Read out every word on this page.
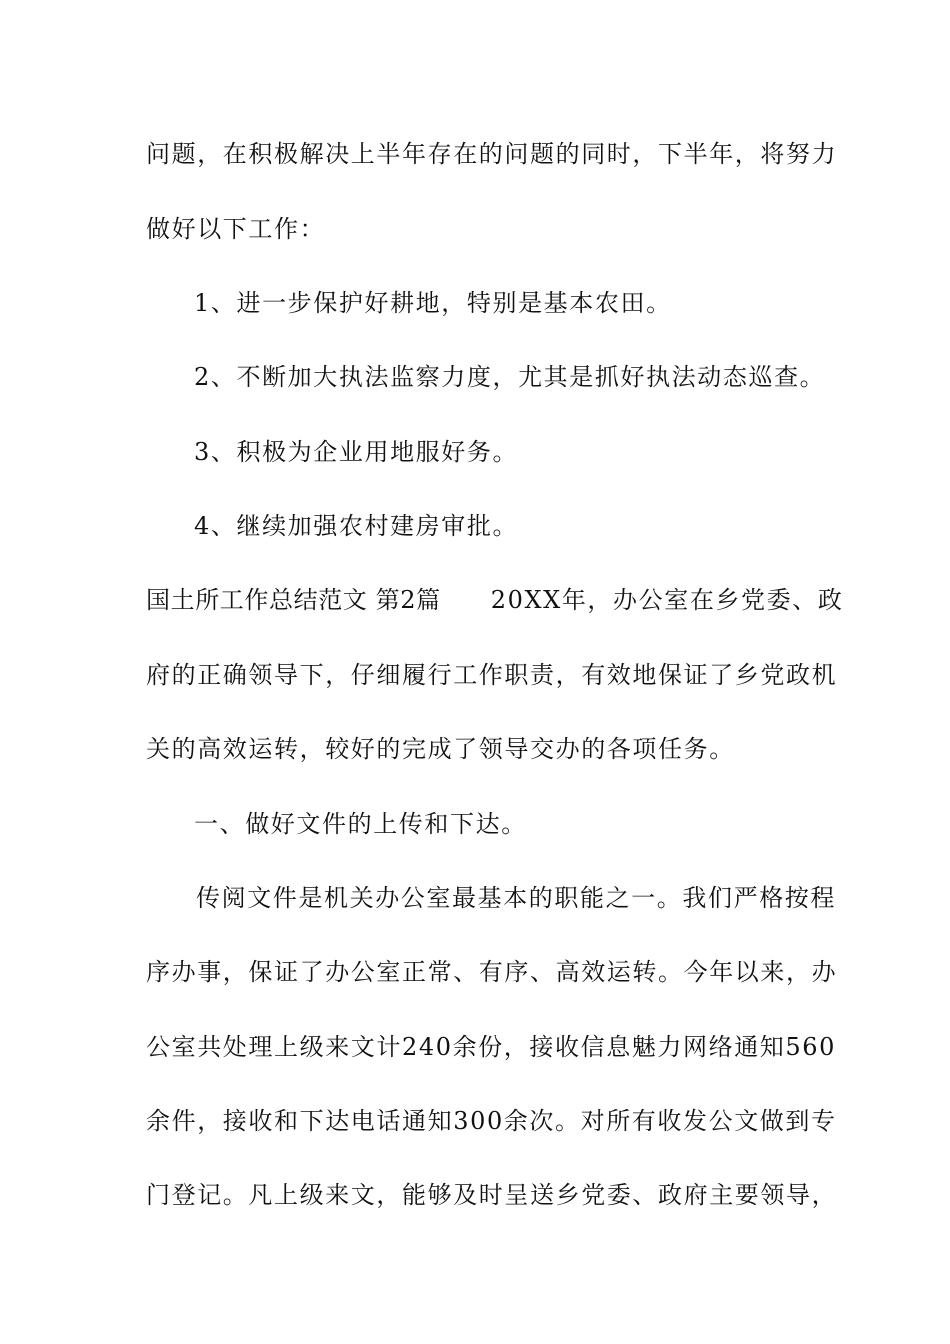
问题，在积极解决上半年存在的问题的同时，下半年，将努力
做好以下工作：
1、进一步保护好耕地，特别是基本农田。
2、不断加大执法监察力度，尤其是抓好执法动态巡查。
3、积极为企业用地服好务。
4、继续加强农村建房审批。
国土所工作总结范文 第2篇 20XX年，办公室在乡党委、政
府的正确领导下，仔细履行工作职责，有效地保证了乡党政机
关的高效运转，较好的完成了领导交办的各项任务。
一、做好文件的上传和下达。
传阅文件是机关办公室最基本的职能之一。我们严格按程
序办事，保证了办公室正常、有序、高效运转。今年以来，办
公室共处理上级来文计240余份，接收信息魅力网络通知560
余件，接收和下达电话通知300余次。对所有收发公文做到专
门登记。凡上级来文，能够及时呈送乡党委、政府主要领导，
